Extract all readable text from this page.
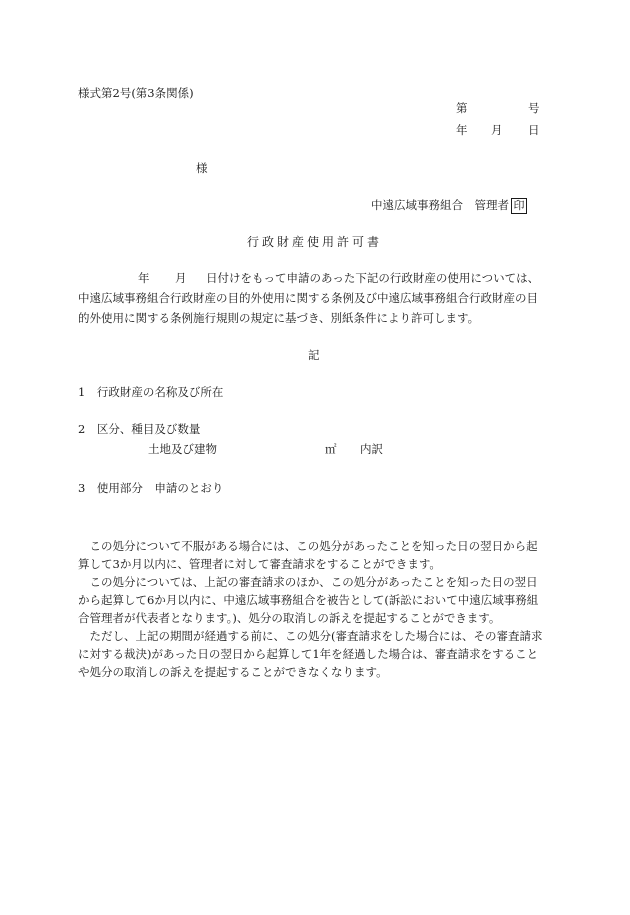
様式第2号(第3条関係)
第	号
年 月 日
様
中遠広域事務組合　管理者 印
行政財産使用許可書
年 月 日付けをもって申請のあった下記の行政財産の使用については、
中遠広域事務組合行政財産の目的外使用に関する条例及び中遠広域事務組合行政財産の目
的外使用に関する条例施行規則の規定に基づき、別紙条件により許可します。
記
1　行政財産の名称及び所在
2　区分、種目及び数量
土地及び建物	㎡ 内訳
3　使用部分　申請のとおり
　この処分について不服がある場合には、この処分があったことを知った日の翌日から起
算して3か月以内に、管理者に対して審査請求をすることができます。
　この処分については、上記の審査請求のほか、この処分があったことを知った日の翌日
から起算して6か月以内に、中遠広域事務組合を被告として(訴訟において中遠広域事務組
合管理者が代表者となります。)、処分の取消しの訴えを提起することができます。
　ただし、上記の期間が経過する前に、この処分(審査請求をした場合には、その審査請求
に対する裁決)があった日の翌日から起算して1年を経過した場合は、審査請求をすること
や処分の取消しの訴えを提起することができなくなります。
